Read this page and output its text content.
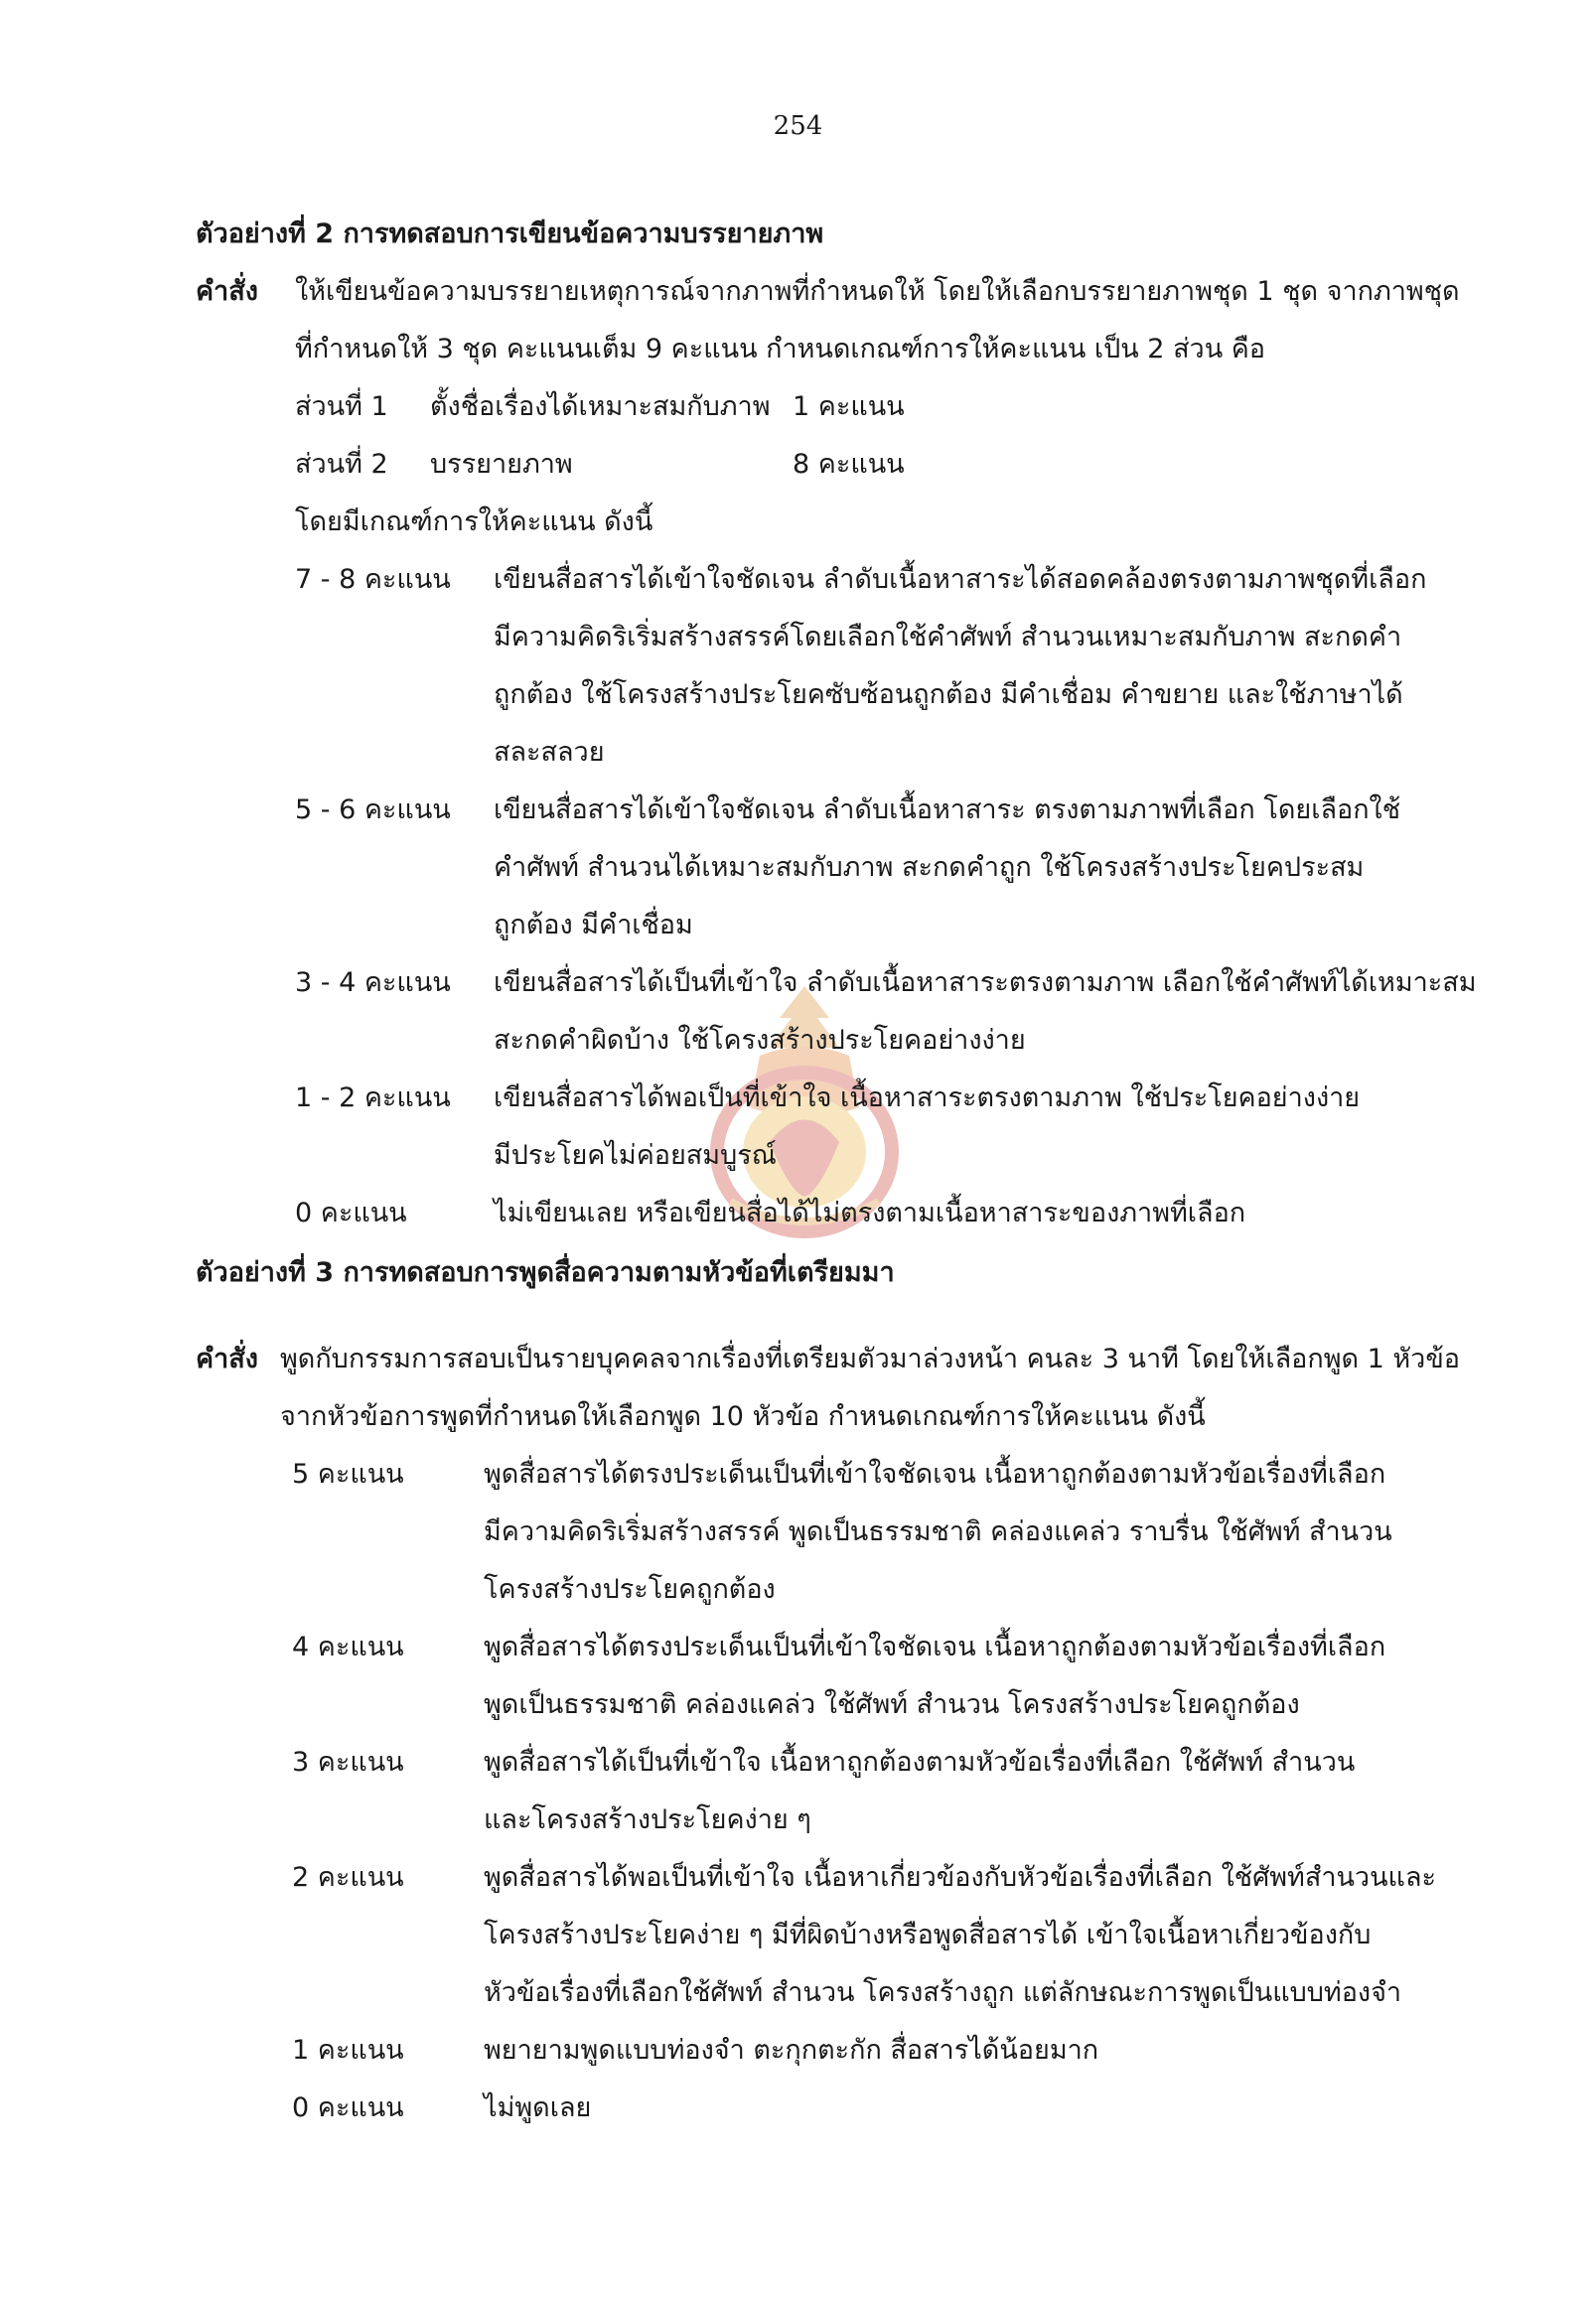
254
ตัวอย่างที่ 2 การทดสอบการเขียนข้อความบรรยายภาพ
คำสั่ง ให้เขียนข้อความบรรยายเหตุการณ์จากภาพที่กำหนดให้ โดยให้เลือกบรรยายภาพชุด 1 ชุด จากภาพชุด
ที่กำหนดให้ 3 ชุด คะแนนเต็ม 9 คะแนน กำหนดเกณฑ์การให้คะแนน เป็น 2 ส่วน คือ
ส่วนที่ 1 ตั้งชื่อเรื่องได้เหมาะสมกับภาพ 1 คะแนน
ส่วนที่ 2 บรรยายภาพ	8 คะแนน
โดยมีเกณฑ์การให้คะแนน ดังนี้
7 - 8 คะแนน เขียนสื่อสารได้เข้าใจชัดเจน ลำดับเนื้อหาสาระได้สอดคล้องตรงตามภาพชุดที่เลือก
มีความคิดริเริ่มสร้างสรรค์โดยเลือกใช้คำศัพท์ สำนวนเหมาะสมกับภาพ สะกดคำ
ถูกต้อง ใช้โครงสร้างประโยคซับซ้อนถูกต้อง มีคำเชื่อม คำขยาย และใช้ภาษาได้
สละสลวย
5 - 6 คะแนน เขียนสื่อสารได้เข้าใจชัดเจน ลำดับเนื้อหาสาระ ตรงตามภาพที่เลือก โดยเลือกใช้
คำศัพท์ สำนวนได้เหมาะสมกับภาพ สะกดคำถูก ใช้โครงสร้างประโยคประสม
ถูกต้อง มีคำเชื่อม
3 - 4 คะแนน เขียนสื่อสารได้เป็นที่เข้าใจ ลำดับเนื้อหาสาระตรงตามภาพ เลือกใช้คำศัพท์ได้เหมาะสม
สะกดคำผิดบ้าง ใช้โครงสร้างประโยคอย่างง่าย
1 - 2 คะแนน เขียนสื่อสารได้พอเป็นที่เข้าใจ เนื้อหาสาระตรงตามภาพ ใช้ประโยคอย่างง่าย
มีประโยคไม่ค่อยสมบูรณ์
0 คะแนน	ไม่เขียนเลย หรือเขียนสื่อได้ไม่ตรงตามเนื้อหาสาระของภาพที่เลือก
ตัวอย่างที่ 3 การทดสอบการพูดสื่อความตามหัวข้อที่เตรียมมา
คำสั่ง พูดกับกรรมการสอบเป็นรายบุคคลจากเรื่องที่เตรียมตัวมาล่วงหน้า คนละ 3 นาที โดยให้เลือกพูด 1 หัวข้อ
จากหัวข้อการพูดที่กำหนดให้เลือกพูด 10 หัวข้อ กำหนดเกณฑ์การให้คะแนน ดังนี้
5 คะแนน	พูดสื่อสารได้ตรงประเด็นเป็นที่เข้าใจชัดเจน เนื้อหาถูกต้องตามหัวข้อเรื่องที่เลือก
มีความคิดริเริ่มสร้างสรรค์ พูดเป็นธรรมชาติ คล่องแคล่ว ราบรื่น ใช้ศัพท์ สำนวน
โครงสร้างประโยคถูกต้อง
4 คะแนน	พูดสื่อสารได้ตรงประเด็นเป็นที่เข้าใจชัดเจน เนื้อหาถูกต้องตามหัวข้อเรื่องที่เลือก
พูดเป็นธรรมชาติ คล่องแคล่ว ใช้ศัพท์ สำนวน โครงสร้างประโยคถูกต้อง
3 คะแนน	พูดสื่อสารได้เป็นที่เข้าใจ เนื้อหาถูกต้องตามหัวข้อเรื่องที่เลือก ใช้ศัพท์ สำนวน
และโครงสร้างประโยคง่าย ๆ
2 คะแนน	พูดสื่อสารได้พอเป็นที่เข้าใจ เนื้อหาเกี่ยวข้องกับหัวข้อเรื่องที่เลือก ใช้ศัพท์สำนวนและ
โครงสร้างประโยคง่าย ๆ มีที่ผิดบ้างหรือพูดสื่อสารได้ เข้าใจเนื้อหาเกี่ยวข้องกับ
หัวข้อเรื่องที่เลือกใช้ศัพท์ สำนวน โครงสร้างถูก แต่ลักษณะการพูดเป็นแบบท่องจำ
1 คะแนน	พยายามพูดแบบท่องจำ ตะกุกตะกัก สื่อสารได้น้อยมาก
0 คะแนน	ไม่พูดเลย
